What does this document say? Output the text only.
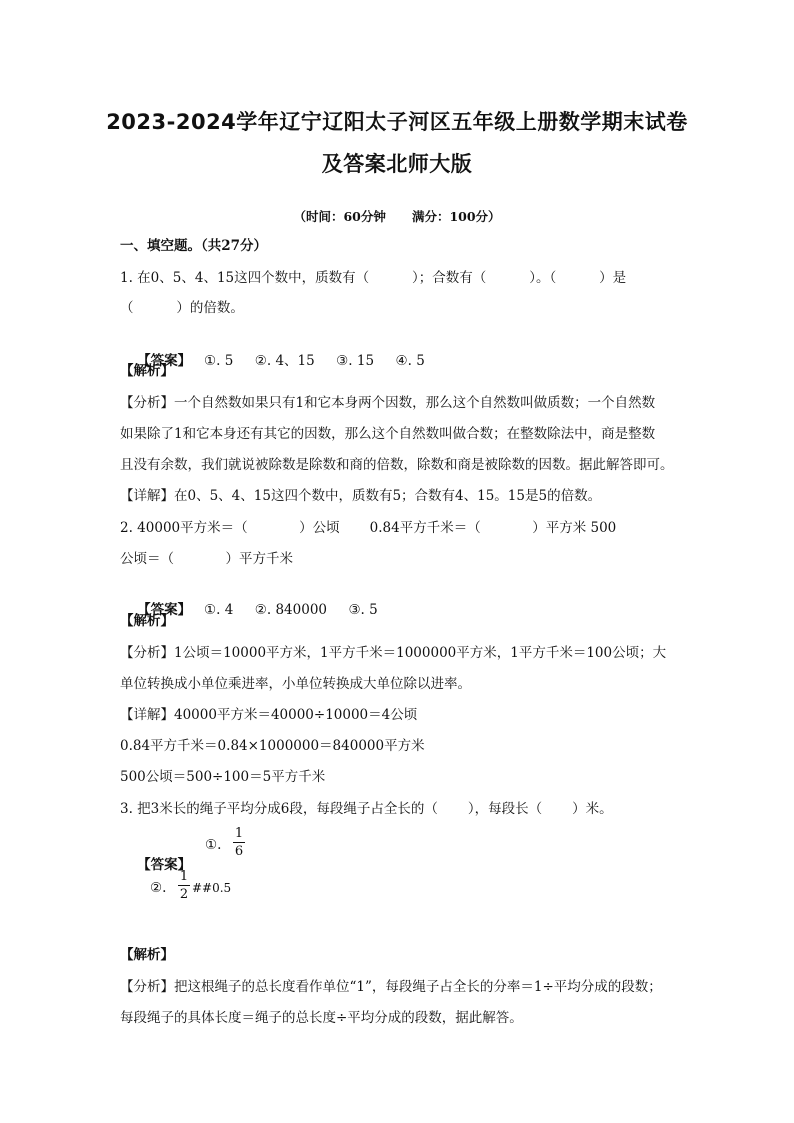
2023-2024学年辽宁辽阳太子河区五年级上册数学期末试卷
及答案北师大版
（时间：60分钟      满分：100分）
一、填空题。（共27分）
1. 在0、5、4、15这四个数中，质数有（          ）；合数有（          ）。（          ）是
（          ）的倍数。

【答案】   ①. 5     ②. 4、15     ③. 15     ④. 5

【解析】
【分析】一个自然数如果只有1和它本身两个因数，那么这个自然数叫做质数；一个自然数
如果除了1和它本身还有其它的因数，那么这个自然数叫做合数；在整数除法中，商是整数
且没有余数，我们就说被除数是除数和商的倍数，除数和商是被除数的因数。据此解答即可。
【详解】在0、5、4、15这四个数中，质数有5；合数有4、15。15是5的倍数。
2. 40000平方米＝（            ）公顷       0.84平方千米＝（            ）平方米 500
公顷＝（            ）平方千米

【答案】   ①. 4     ②. 840000     ③. 5

【解析】
【分析】1公顷＝10000平方米，1平方千米＝1000000平方米，1平方千米＝100公顷；大
单位转换成小单位乘进率，小单位转换成大单位除以进率。
【详解】40000平方米＝40000÷10000＝4公顷
0.84平方千米＝0.84×1000000＝840000平方米
500公顷＝500÷100＝5平方千米
3. 把3米长的绳子平均分成6段，每段绳子占全长的（       ），每段长（       ）米。

【答案】

①.
1
6
②.
1
2 ##0.5
【解析】
【分析】把这根绳子的总长度看作单位“1”，每段绳子占全长的分率＝1÷平均分成的段数；
每段绳子的具体长度＝绳子的总长度÷平均分成的段数，据此解答。
